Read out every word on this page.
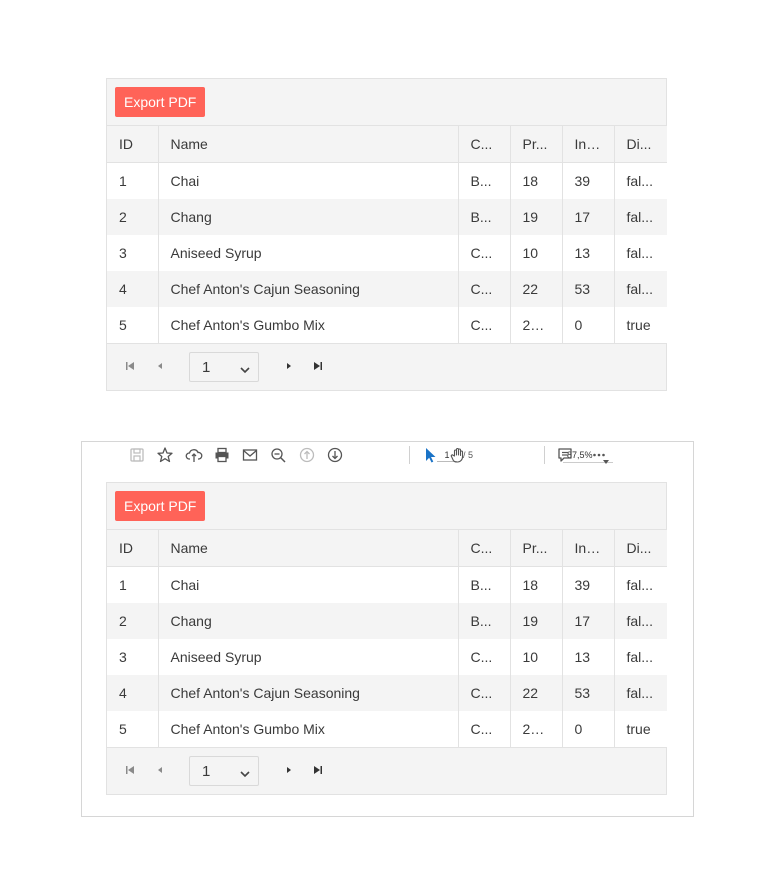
Export PDF
ID	Name	C...	Pr...	In ...	Di...
1	Chai	B...	18	39	fal...
2	Chang	B...	19	17	fal...
3	Aniseed Syrup	C...	10	13	fal...
4	Chef Anton's Cajun Seasoning	C...	22	53	fal...
5	Chef Anton's Gumbo Mix	C...	21...	0	true
1
1	/ 5	87,5%
Export PDF
ID	Name	C...	Pr...	In ...	Di...
1	Chai	B...	18	39	fal...
2	Chang	B...	19	17	fal...
3	Aniseed Syrup	C...	10	13	fal...
4	Chef Anton's Cajun Seasoning	C...	22	53	fal...
5	Chef Anton's Gumbo Mix	C...	21...	0	true
1
